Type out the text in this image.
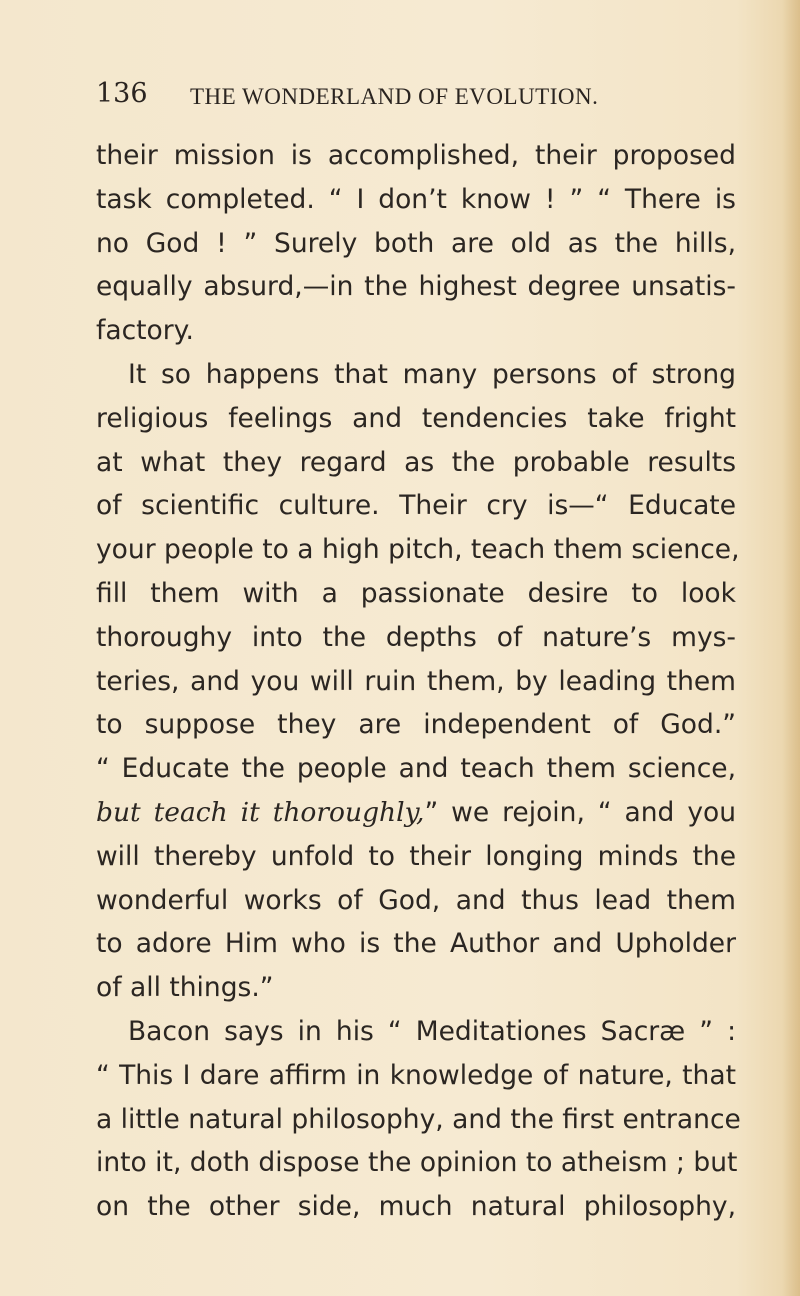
136 THE WONDERLAND OF EVOLUTION.
their mission is accomplished, their proposed
task completed. “ I don’t know ! ” “ There is
no God ! ” Surely both are old as the hills,
equally absurd,—in the highest degree unsatis-
factory.
It so happens that many persons of strong
religious feelings and tendencies take fright
at what they regard as the probable results
of scientific culture. Their cry is—“ Educate
your people to a high pitch, teach them science,
fill them with a passionate desire to look
thoroughy into the depths of nature’s mys-
teries, and you will ruin them, by leading them
to suppose they are independent of God.”
“ Educate the people and teach them science,
but teach it thoroughly,” we rejoin, “ and you
will thereby unfold to their longing minds the
wonderful works of God, and thus lead them
to adore Him who is the Author and Upholder
of all things.”
Bacon says in his “ Meditationes Sacræ ” :
“ This I dare affirm in knowledge of nature, that
a little natural philosophy, and the first entrance
into it, doth dispose the opinion to atheism ; but
on the other side, much natural philosophy,
